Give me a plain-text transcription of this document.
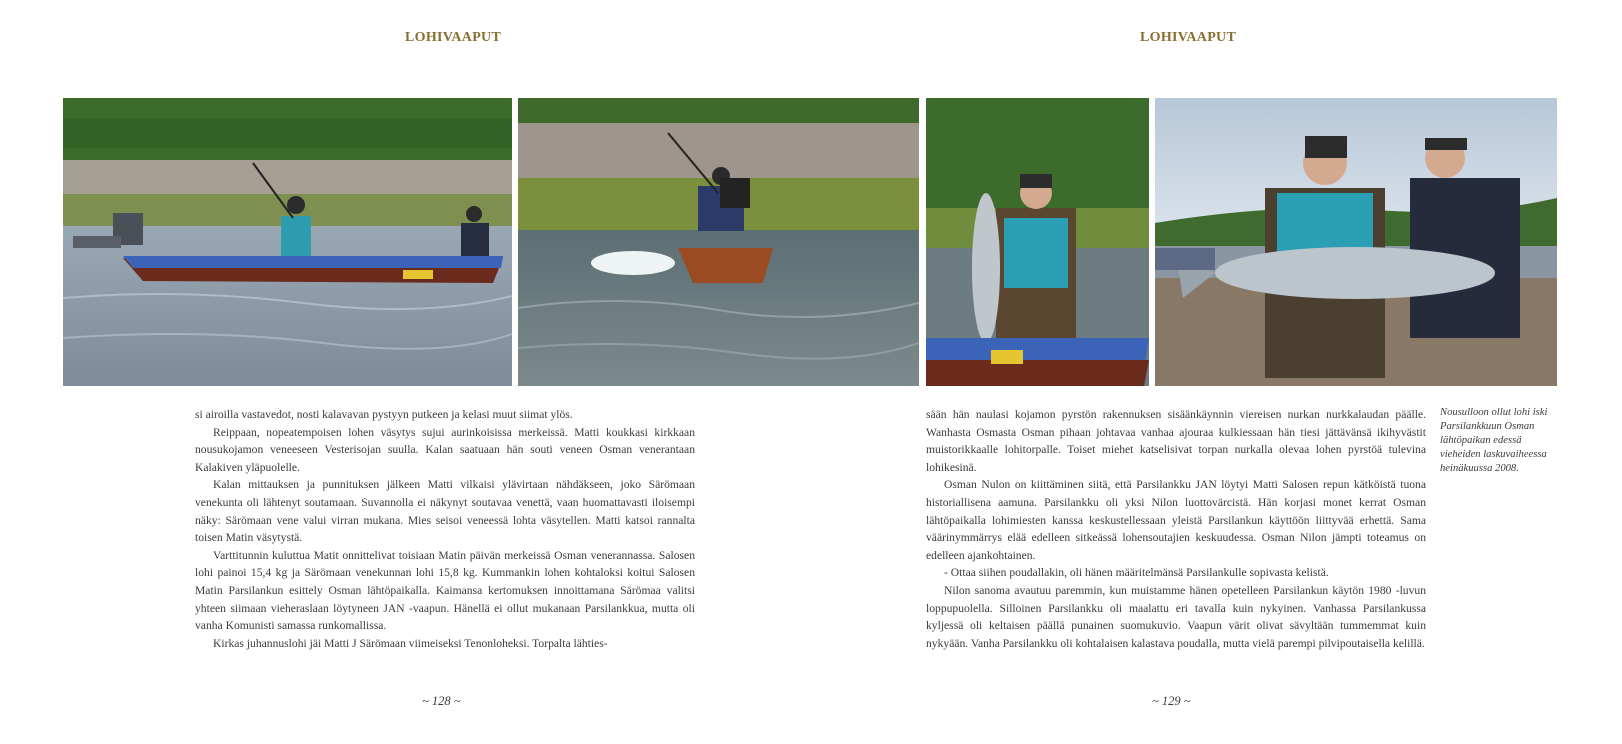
LOHIVAAPUT	LOHIVAAPUT

si airoilla vastavedot, nosti kalavavan pystyyn putkeen ja kelasi muut siimat ylös.

Reippaan, nopeatempoisen lohen väsytys sujui aurinkoisissa merkeissä. Matti koukkasi kirkkaan nousukojamon veneeseen Vesterisojan suulla. Kalan saatuaan hän souti veneen Osman venerantaan Kalakiven yläpuolelle.

Kalan mittauksen ja punnituksen jälkeen Matti vilkaisi ylävirtaan nähdäkseen, joko Särömaan venekunta oli lähtenyt soutamaan. Suvannolla ei näkynyt soutavaa venettä, vaan huomattavasti iloisempi näky: Särömaan vene valui virran mukana. Mies seisoi veneessä lohta väsytellen. Matti katsoi rannalta toisen Matin väsytystä.

Varttitunnin kuluttua Matit onnittelivat toisiaan Matin päivän merkeissä Osman venerannassa. Salosen lohi painoi 15,4 kg ja Särömaan venekunnan lohi 15,8 kg. Kummankin lohen kohtaloksi koitui Salosen Matin Parsilankun esittely Osman lähtöpaikalla. Kaimansa kertomuksen innoittamana Särömaa valitsi yhteen siimaan vieheraslaan löytyneen JAN -vaapun. Hänellä ei ollut mukanaan Parsilankkua, mutta oli vanha Komunisti samassa runkomallissa.

Kirkas juhannuslohi jäi Matti J Särömaan viimeiseksi Tenonloheksi. Torpalta lähties-

sään hän naulasi kojamon pyrstön rakennuksen sisäänkäynnin viereisen nurkan nurkkalaudan päälle. Wanhasta Osmasta Osman pihaan johtavaa vanhaa ajouraa kulkiessaan hän tiesi jättävänsä ikihyvästit muistorikkaalle lohitorpalle. Toiset miehet katselisivat torpan nurkalla olevaa lohen pyrstöä tulevina lohikesinä.

Osman Nulon on kiittäminen siitä, että Parsilankku JAN löytyi Matti Salosen repun kätköistä tuona historiallisena aamuna. Parsilankku oli yksi Nilon luottovärcistä. Hän korjasi monet kerrat Osman lähtöpaikalla lohimiesten kanssa keskustellessaan yleistä Parsilankun käyttöön liittyvää erhettä. Sama väärinymmärrys elää edelleen sitkeässä lohensoutajien keskuudessa. Osman Nilon jämpti toteamus on edelleen ajankohtainen.

- Ottaa siihen poudallakin, oli hänen määritelmänsä Parsilankulle sopivasta kelistä.

Nilon sanoma avautuu paremmin, kun muistamme hänen opetelleen Parsilankun käytön 1980 -luvun loppupuolella. Silloinen Parsilankku oli maalattu eri tavalla kuin nykyinen. Vanhassa Parsilankussa kyljessä oli keltaisen päällä punainen suomukuvio. Vaapun värit olivat sävyltään tummemmat kuin nykyään. Vanha Parsilankku oli kohtalaisen kalastava poudalla, mutta vielä parempi pilvipoutaisella kelillä.

Nousulloon ollut lohi iski Parsilankkuun Osman lähtöpaikan edessä vieheiden laskuvaiheessa heinäkuussa 2008.
~ 128 ~	~ 129 ~
